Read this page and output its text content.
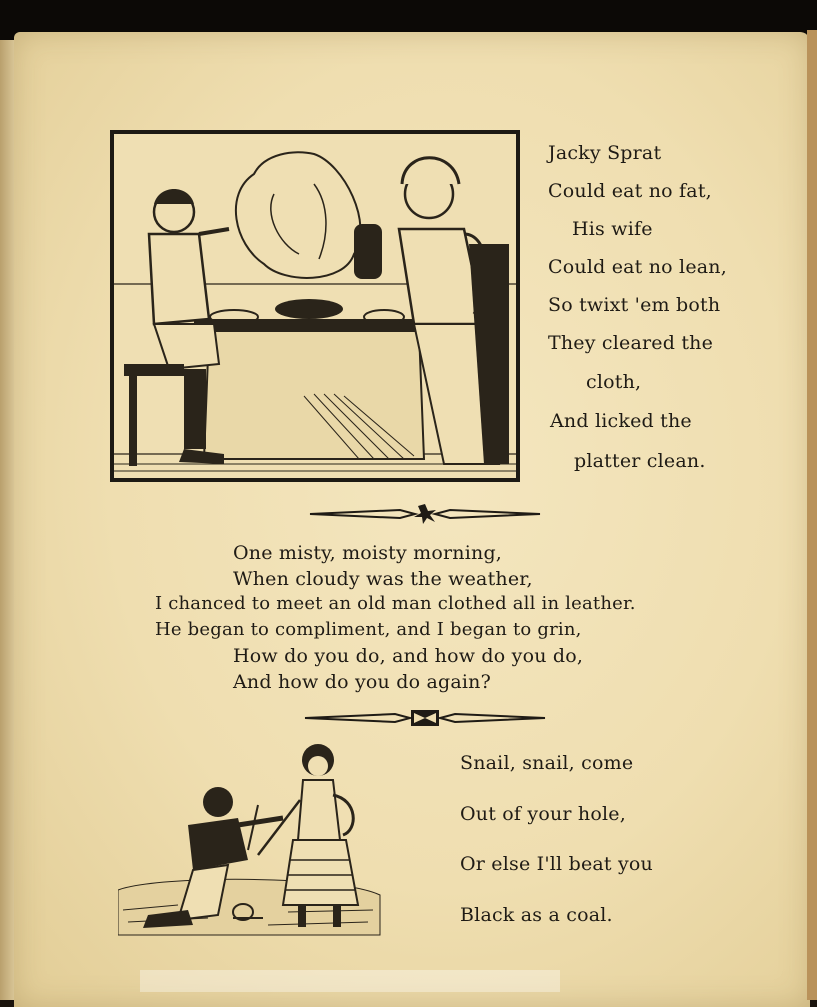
Jacky Sprat
Could eat no fat,
His wife
Could eat no lean,
So twixt 'em both
They cleared the
cloth,
And licked the
platter clean.
One misty, moisty morning,
When cloudy was the weather,
I chanced to meet an old man clothed all in leather.
He began to compliment, and I began to grin,
How do you do, and how do you do,
And how do you do again?
Snail, snail, come
Out of your hole,
Or else I'll beat you
Black as a coal.
